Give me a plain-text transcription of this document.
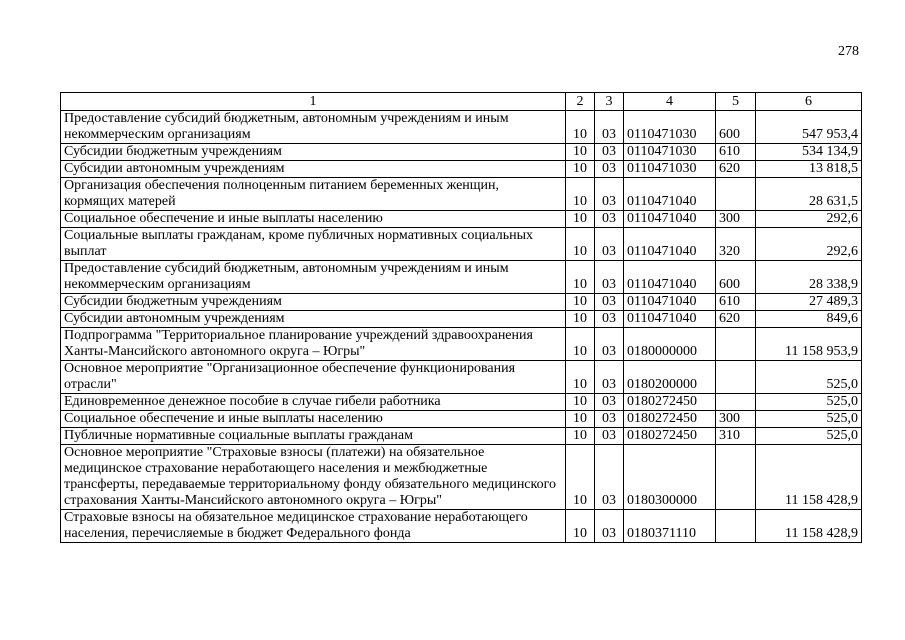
278
1	2	3	4	5	6
Предоставление субсидий бюджетным, автономным учреждениям и иным некоммерческим организациям	10	03	0110471030	600	547 953,4
Субсидии бюджетным учреждениям	10	03	0110471030	610	534 134,9
Субсидии автономным учреждениям	10	03	0110471030	620	13 818,5
Организация обеспечения полноценным питанием беременных женщин, кормящих матерей	10	03	0110471040		28 631,5
Социальное обеспечение и иные выплаты населению	10	03	0110471040	300	292,6
Социальные выплаты гражданам, кроме публичных нормативных социальных выплат	10	03	0110471040	320	292,6
Предоставление субсидий бюджетным, автономным учреждениям и иным некоммерческим организациям	10	03	0110471040	600	28 338,9
Субсидии бюджетным учреждениям	10	03	0110471040	610	27 489,3
Субсидии автономным учреждениям	10	03	0110471040	620	849,6
Подпрограмма "Территориальное планирование учреждений здравоохранения Ханты-Мансийского автономного округа – Югры"	10	03	0180000000		11 158 953,9
Основное мероприятие "Организационное обеспечение функционирования отрасли"	10	03	0180200000		525,0
Единовременное денежное пособие в случае гибели работника	10	03	0180272450		525,0
Социальное обеспечение и иные выплаты населению	10	03	0180272450	300	525,0
Публичные нормативные социальные выплаты гражданам	10	03	0180272450	310	525,0
Основное мероприятие "Страховые взносы (платежи) на обязательное медицинское страхование неработающего населения и межбюджетные трансферты, передаваемые территориальному фонду обязательного медицинского страхования Ханты-Мансийского автономного округа – Югры"	10	03	0180300000		11 158 428,9
Страховые взносы на обязательное медицинское страхование неработающего населения, перечисляемые в бюджет Федерального фонда	10	03	0180371110		11 158 428,9
